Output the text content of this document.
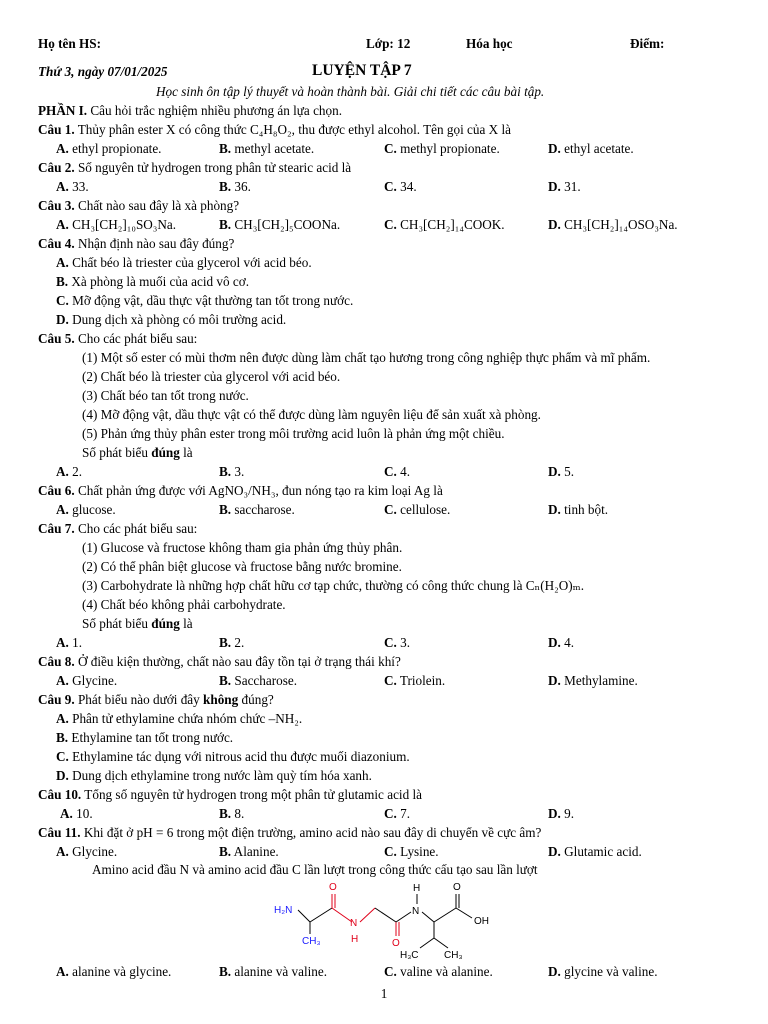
Họ tên HS:	Lớp: 12	Hóa học	Điểm:
Thứ 3, ngày 07/01/2025	LUYỆN TẬP 7
Học sinh ôn tập lý thuyết và hoàn thành bài. Giải chi tiết các câu bài tập.
PHẦN I. Câu hỏi trắc nghiệm nhiều phương án lựa chọn.
Câu 1. Thủy phân ester X có công thức C₄H₈O₂, thu được ethyl alcohol. Tên gọi của X là
A. ethyl propionate.	B. methyl acetate.	C. methyl propionate.	D. ethyl acetate.
Câu 2. Số nguyên tử hydrogen trong phân tử stearic acid là
A. 33.	B. 36.	C. 34.	D. 31.
Câu 3. Chất nào sau đây là xà phòng?
A. CH₃[CH₂]₁₀SO₃Na.	B. CH₃[CH₂]₅COONa.	C. CH₃[CH₂]₁₄COOK.	D. CH₃[CH₂]₁₄OSO₃Na.
Câu 4. Nhận định nào sau đây đúng?
A. Chất béo là triester của glycerol với acid béo.
B. Xà phòng là muối của acid vô cơ.
C. Mỡ động vật, dầu thực vật thường tan tốt trong nước.
D. Dung dịch xà phòng có môi trường acid.
Câu 5. Cho các phát biểu sau:
(1) Một số ester có mùi thơm nên được dùng làm chất tạo hương trong công nghiệp thực phẩm và mĩ phẩm.
(2) Chất béo là triester của glycerol với acid béo.
(3) Chất béo tan tốt trong nước.
(4) Mỡ động vật, dầu thực vật có thể được dùng làm nguyên liệu để sản xuất xà phòng.
(5) Phản ứng thủy phân ester trong môi trường acid luôn là phản ứng một chiều.
Số phát biểu đúng là
A. 2.	B. 3.	C. 4.	D. 5.
Câu 6. Chất phản ứng được với AgNO₃/NH₃, đun nóng tạo ra kim loại Ag là
A. glucose.	B. saccharose.	C. cellulose.	D. tinh bột.
Câu 7. Cho các phát biểu sau:
(1) Glucose và fructose không tham gia phản ứng thủy phân.
(2) Có thể phân biệt glucose và fructose bằng nước bromine.
(3) Carbohydrate là những hợp chất hữu cơ tạp chức, thường có công thức chung là Cₙ(H₂O)ₘ.
(4) Chất béo không phải carbohydrate.
Số phát biểu đúng là
A. 1.	B. 2.	C. 3.	D. 4.
Câu 8. Ở điều kiện thường, chất nào sau đây tồn tại ở trạng thái khí?
A. Glycine.	B. Saccharose.	C. Triolein.	D. Methylamine.
Câu 9. Phát biểu nào dưới đây không đúng?
A. Phân tử ethylamine chứa nhóm chức –NH₂.
B. Ethylamine tan tốt trong nước.
C. Ethylamine tác dụng với nitrous acid thu được muối diazonium.
D. Dung dịch ethylamine trong nước làm quỳ tím hóa xanh.
Câu 10. Tổng số nguyên tử hydrogen trong một phân tử glutamic acid là
A. 10.	B. 8.	C. 7.	D. 9.
Câu 11. Khi đặt ở pH = 6 trong một điện trường, amino acid nào sau đây di chuyển về cực âm?
A. Glycine.	B. Alanine.	C. Lysine.	D. Glutamic acid.
Amino acid đầu N và amino acid đầu C lần lượt trong công thức cấu tạo sau lần lượt
H₂N
CH₃
O
N
H	O
H
N
O
OH
H₃C	CH₃
A. alanine và glycine.	B. alanine và valine.	C. valine và alanine.	D. glycine và valine.
1
